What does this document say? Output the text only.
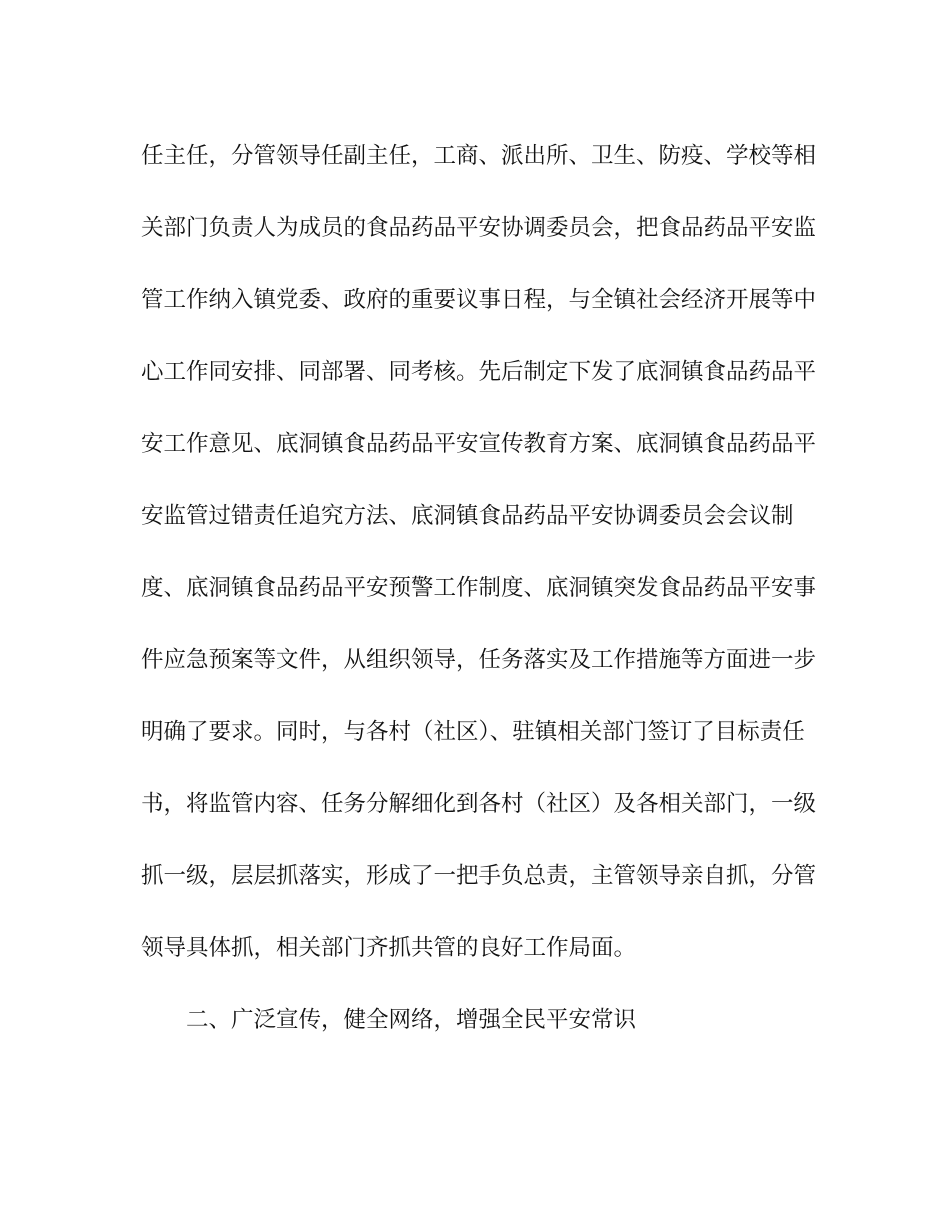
任主任，分管领导任副主任，工商、派出所、卫生、防疫、学校等相
关部门负责人为成员的食品药品平安协调委员会，把食品药品平安监
管工作纳入镇党委、政府的重要议事日程，与全镇社会经济开展等中
心工作同安排、同部署、同考核。先后制定下发了底洞镇食品药品平
安工作意见、底洞镇食品药品平安宣传教育方案、底洞镇食品药品平
安监管过错责任追究方法、底洞镇食品药品平安协调委员会会议制
度、底洞镇食品药品平安预警工作制度、底洞镇突发食品药品平安事
件应急预案等文件，从组织领导，任务落实及工作措施等方面进一步
明确了要求。同时，与各村（社区）、驻镇相关部门签订了目标责任
书，将监管内容、任务分解细化到各村（社区）及各相关部门，一级
抓一级，层层抓落实，形成了一把手负总责，主管领导亲自抓，分管
领导具体抓，相关部门齐抓共管的良好工作局面。
二、广泛宣传，健全网络，增强全民平安常识
